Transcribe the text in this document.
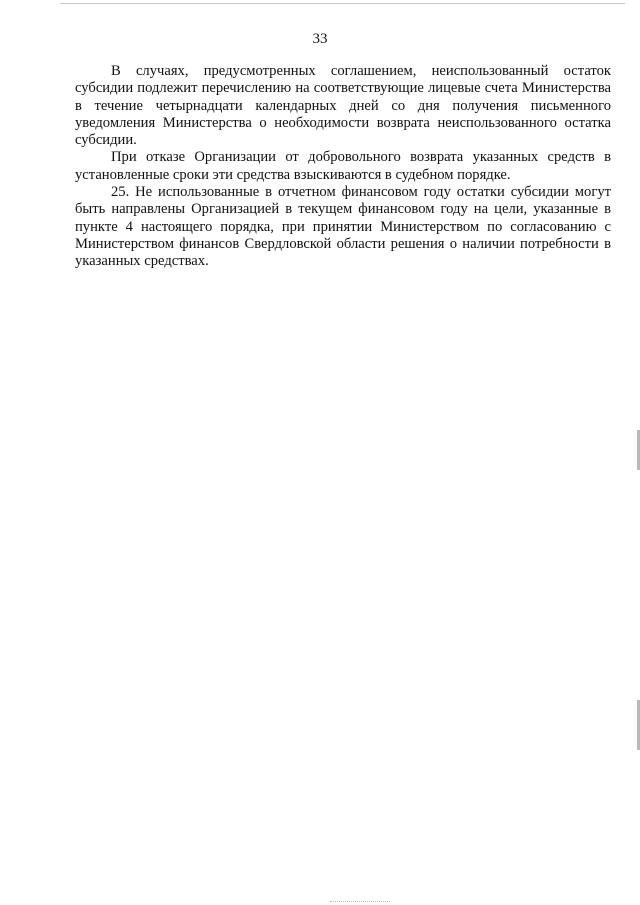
33

В случаях, предусмотренных соглашением, неиспользованный остаток субсидии подлежит перечислению на соответствующие лицевые счета Министерства в течение четырнадцати календарных дней со дня получения письменного уведомления Министерства о необходимости возврата неиспользованного остатка субсидии.

При отказе Организации от добровольного возврата указанных средств в установленные сроки эти средства взыскиваются в судебном порядке.

25. Не использованные в отчетном финансовом году остатки субсидии могут быть направлены Организацией в текущем финансовом году на цели, указанные в пункте 4 настоящего порядка, при принятии Министерством по согласованию с Министерством финансов Свердловской области решения о наличии потребности в указанных средствах.
